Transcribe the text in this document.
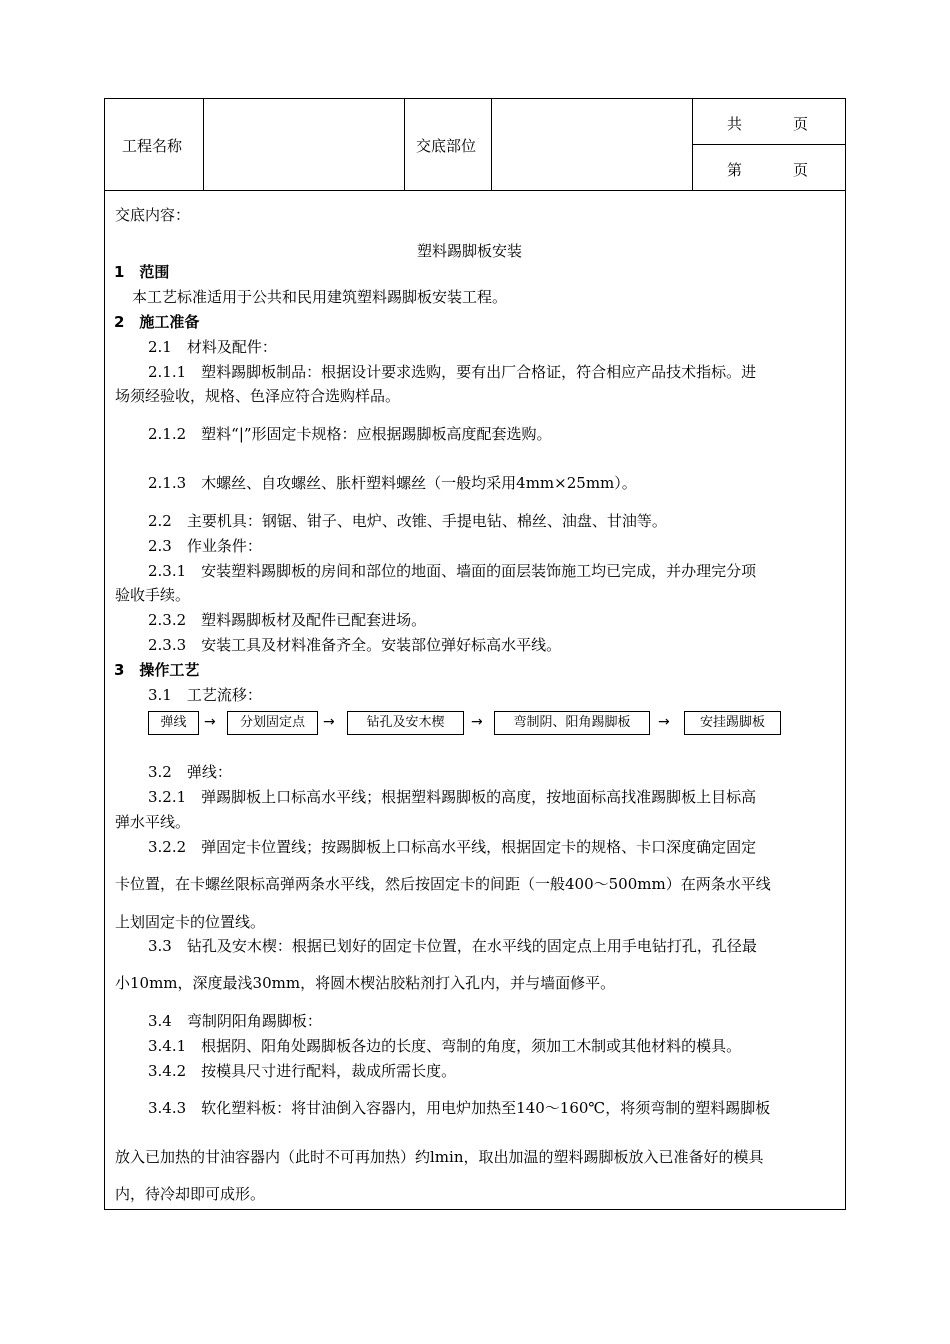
工程名称	交底部位
共	页
第	页
交底内容：
塑料踢脚板安装
1　范围
本工艺标准适用于公共和民用建筑塑料踢脚板安装工程。
2　施工准备
2.1　材料及配件：
2.1.1　塑料踢脚板制品：根据设计要求选购，要有出厂合格证，符合相应产品技术指标。进
场须经验收，规格、色泽应符合选购样品。
2.1.2　塑料“|”形固定卡规格：应根据踢脚板高度配套选购。
2.1.3　木螺丝、自攻螺丝、胀杆塑料螺丝（一般均采用4mm×25mm）。
2.2　主要机具：钢锯、钳子、电炉、改锥、手提电钻、棉丝、油盘、甘油等。
2.3　作业条件：
2.3.1　安装塑料踢脚板的房间和部位的地面、墙面的面层装饰施工均已完成，并办理完分项
验收手续。
2.3.2　塑料踢脚板材及配件已配套进场。
2.3.3　安装工具及材料准备齐全。安装部位弹好标高水平线。
3　操作工艺
3.1　工艺流移：
弹线	→	分划固定点	→	钻孔及安木楔	→	弯制阴、阳角踢脚板	→	安挂踢脚板
3.2　弹线：
3.2.1　弹踢脚板上口标高水平线；根据塑料踢脚板的高度，按地面标高找准踢脚板上目标高
弹水平线。
3.2.2　弹固定卡位置线；按踢脚板上口标高水平线，根据固定卡的规格、卡口深度确定固定
卡位置，在卡螺丝限标高弹两条水平线，然后按固定卡的间距（一般400～500mm）在两条水平线
上划固定卡的位置线。
3.3　钻孔及安木楔：根据已划好的固定卡位置，在水平线的固定点上用手电钻打孔，孔径最
小10mm，深度最浅30mm，将圆木楔沾胶粘剂打入孔内，并与墙面修平。
3.4　弯制阴阳角踢脚板：
3.4.1　根据阴、阳角处踢脚板各边的长度、弯制的角度，须加工木制或其他材料的模具。
3.4.2　按模具尺寸进行配料，裁成所需长度。
3.4.3　软化塑料板：将甘油倒入容器内，用电炉加热至140～160℃，将须弯制的塑料踢脚板
放入已加热的甘油容器内（此时不可再加热）约lmin，取出加温的塑料踢脚板放入已准备好的模具
内，待冷却即可成形。
